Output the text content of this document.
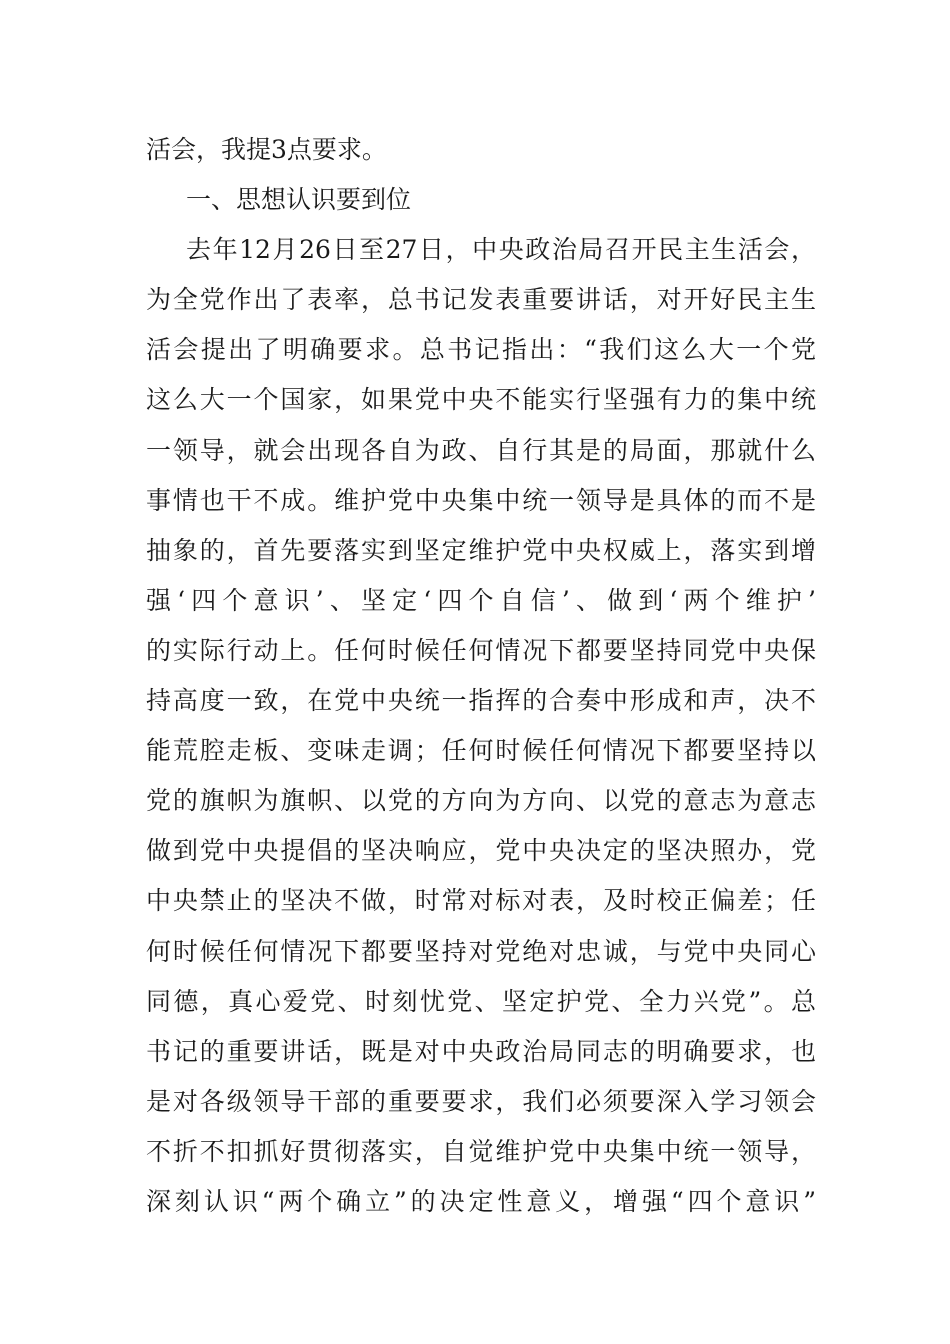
活会，我提3点要求。
一、思想认识要到位
去年12月26日至27日，中央政治局召开民主生活会，
为全党作出了表率，总书记发表重要讲话，对开好民主生
活会提出了明确要求。总书记指出：“我们这么大一个党
这么大一个国家，如果党中央不能实行坚强有力的集中统
一领导，就会出现各自为政、自行其是的局面，那就什么
事情也干不成。维护党中央集中统一领导是具体的而不是
抽象的，首先要落实到坚定维护党中央权威上，落实到增
强‘四个意识’、坚定‘四个自信’、做到‘两个维护’
的实际行动上。任何时候任何情况下都要坚持同党中央保
持高度一致，在党中央统一指挥的合奏中形成和声，决不
能荒腔走板、变味走调；任何时候任何情况下都要坚持以
党的旗帜为旗帜、以党的方向为方向、以党的意志为意志
做到党中央提倡的坚决响应，党中央决定的坚决照办，党
中央禁止的坚决不做，时常对标对表，及时校正偏差；任
何时候任何情况下都要坚持对党绝对忠诚，与党中央同心
同德，真心爱党、时刻忧党、坚定护党、全力兴党”。总
书记的重要讲话，既是对中央政治局同志的明确要求，也
是对各级领导干部的重要要求，我们必须要深入学习领会
不折不扣抓好贯彻落实，自觉维护党中央集中统一领导，
深刻认识“两个确立”的决定性意义，增强“四个意识”
